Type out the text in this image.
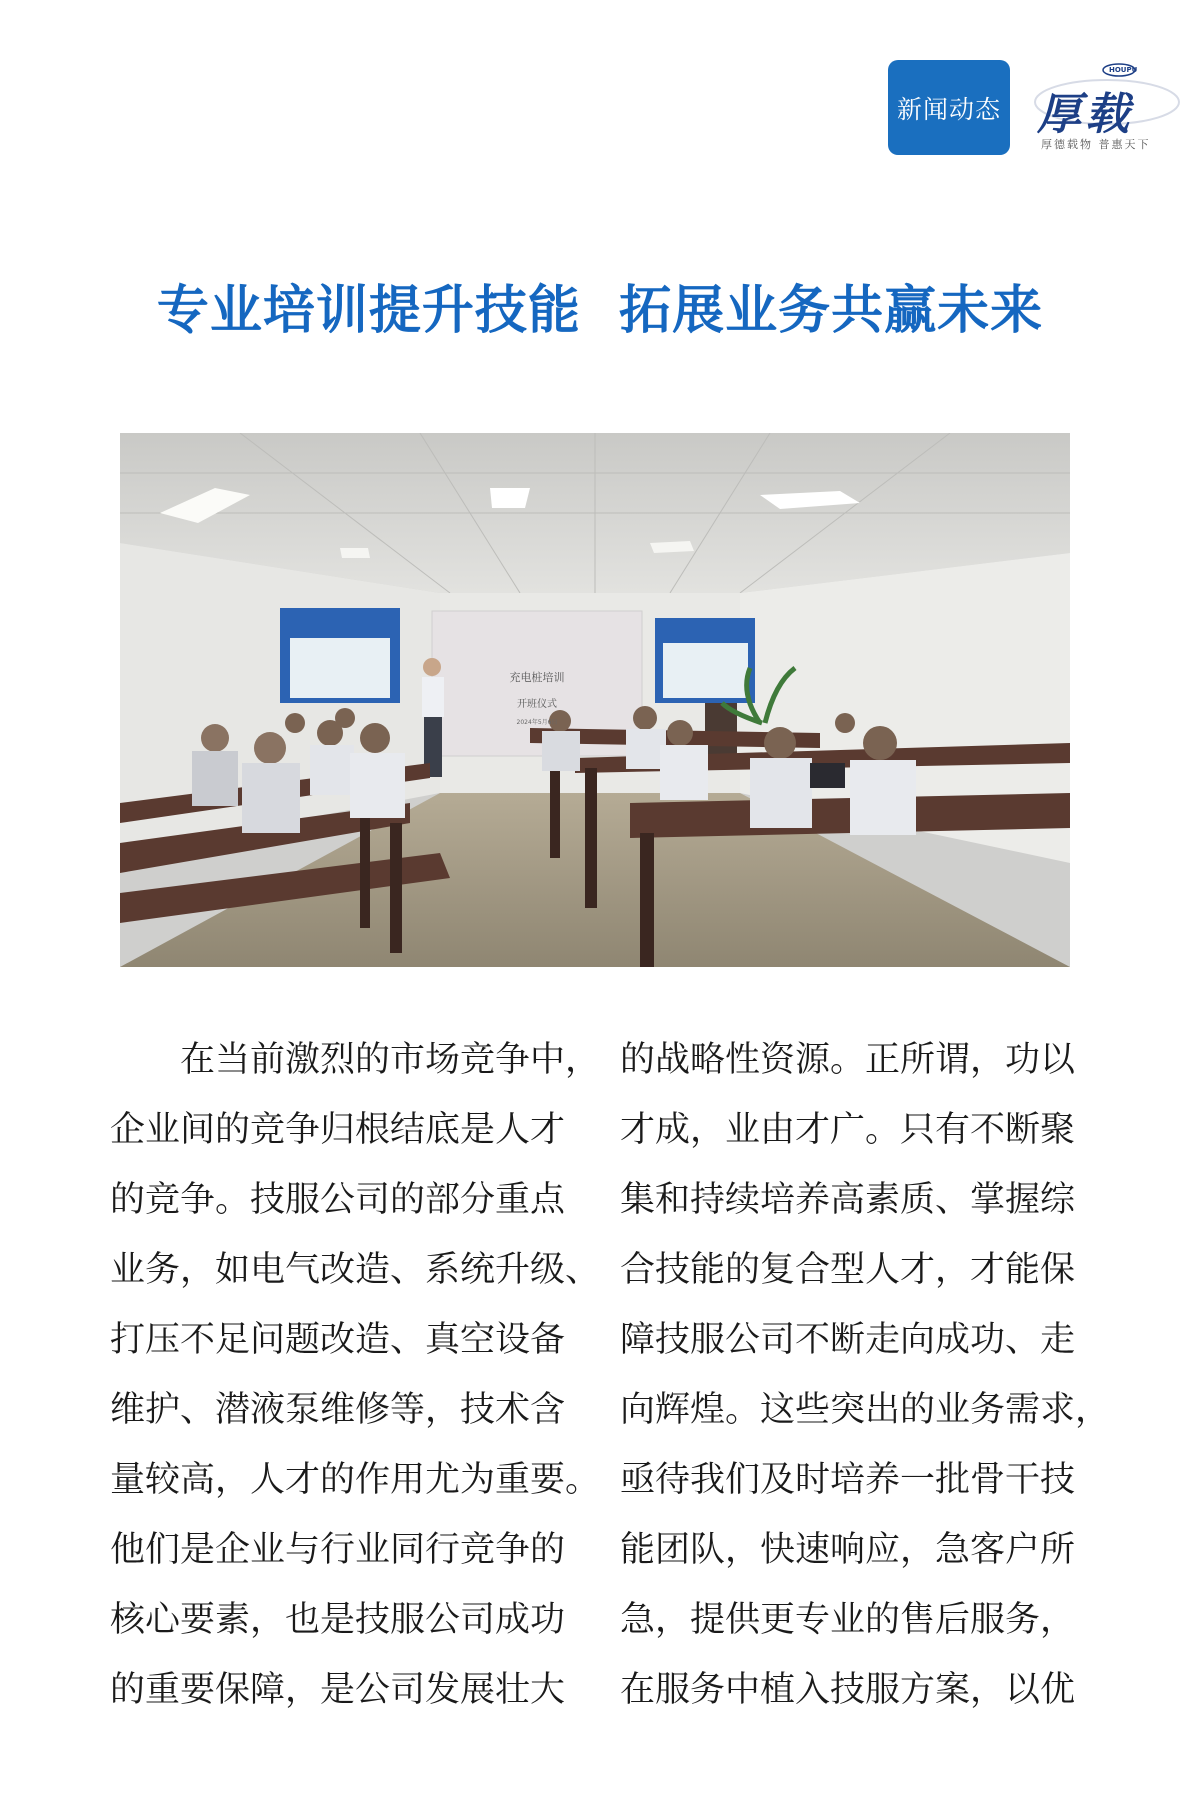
新闻动态
HOUPU
厚载
厚德载物 普惠天下
专业培训提升技能  拓展业务共赢未来
充电桩培训
开班仪式
2024年5月6日
　　在当前激烈的市场竞争中，
企业间的竞争归根结底是人才
的竞争。技服公司的部分重点
业务，如电气改造、系统升级、
打压不足问题改造、真空设备
维护、潜液泵维修等，技术含
量较高，人才的作用尤为重要。
他们是企业与行业同行竞争的
核心要素，也是技服公司成功
的重要保障，是公司发展壮大
的战略性资源。正所谓，功以
才成，业由才广。只有不断聚
集和持续培养高素质、掌握综
合技能的复合型人才，才能保
障技服公司不断走向成功、走
向辉煌。这些突出的业务需求，
亟待我们及时培养一批骨干技
能团队，快速响应，急客户所
急，提供更专业的售后服务，
在服务中植入技服方案，以优
